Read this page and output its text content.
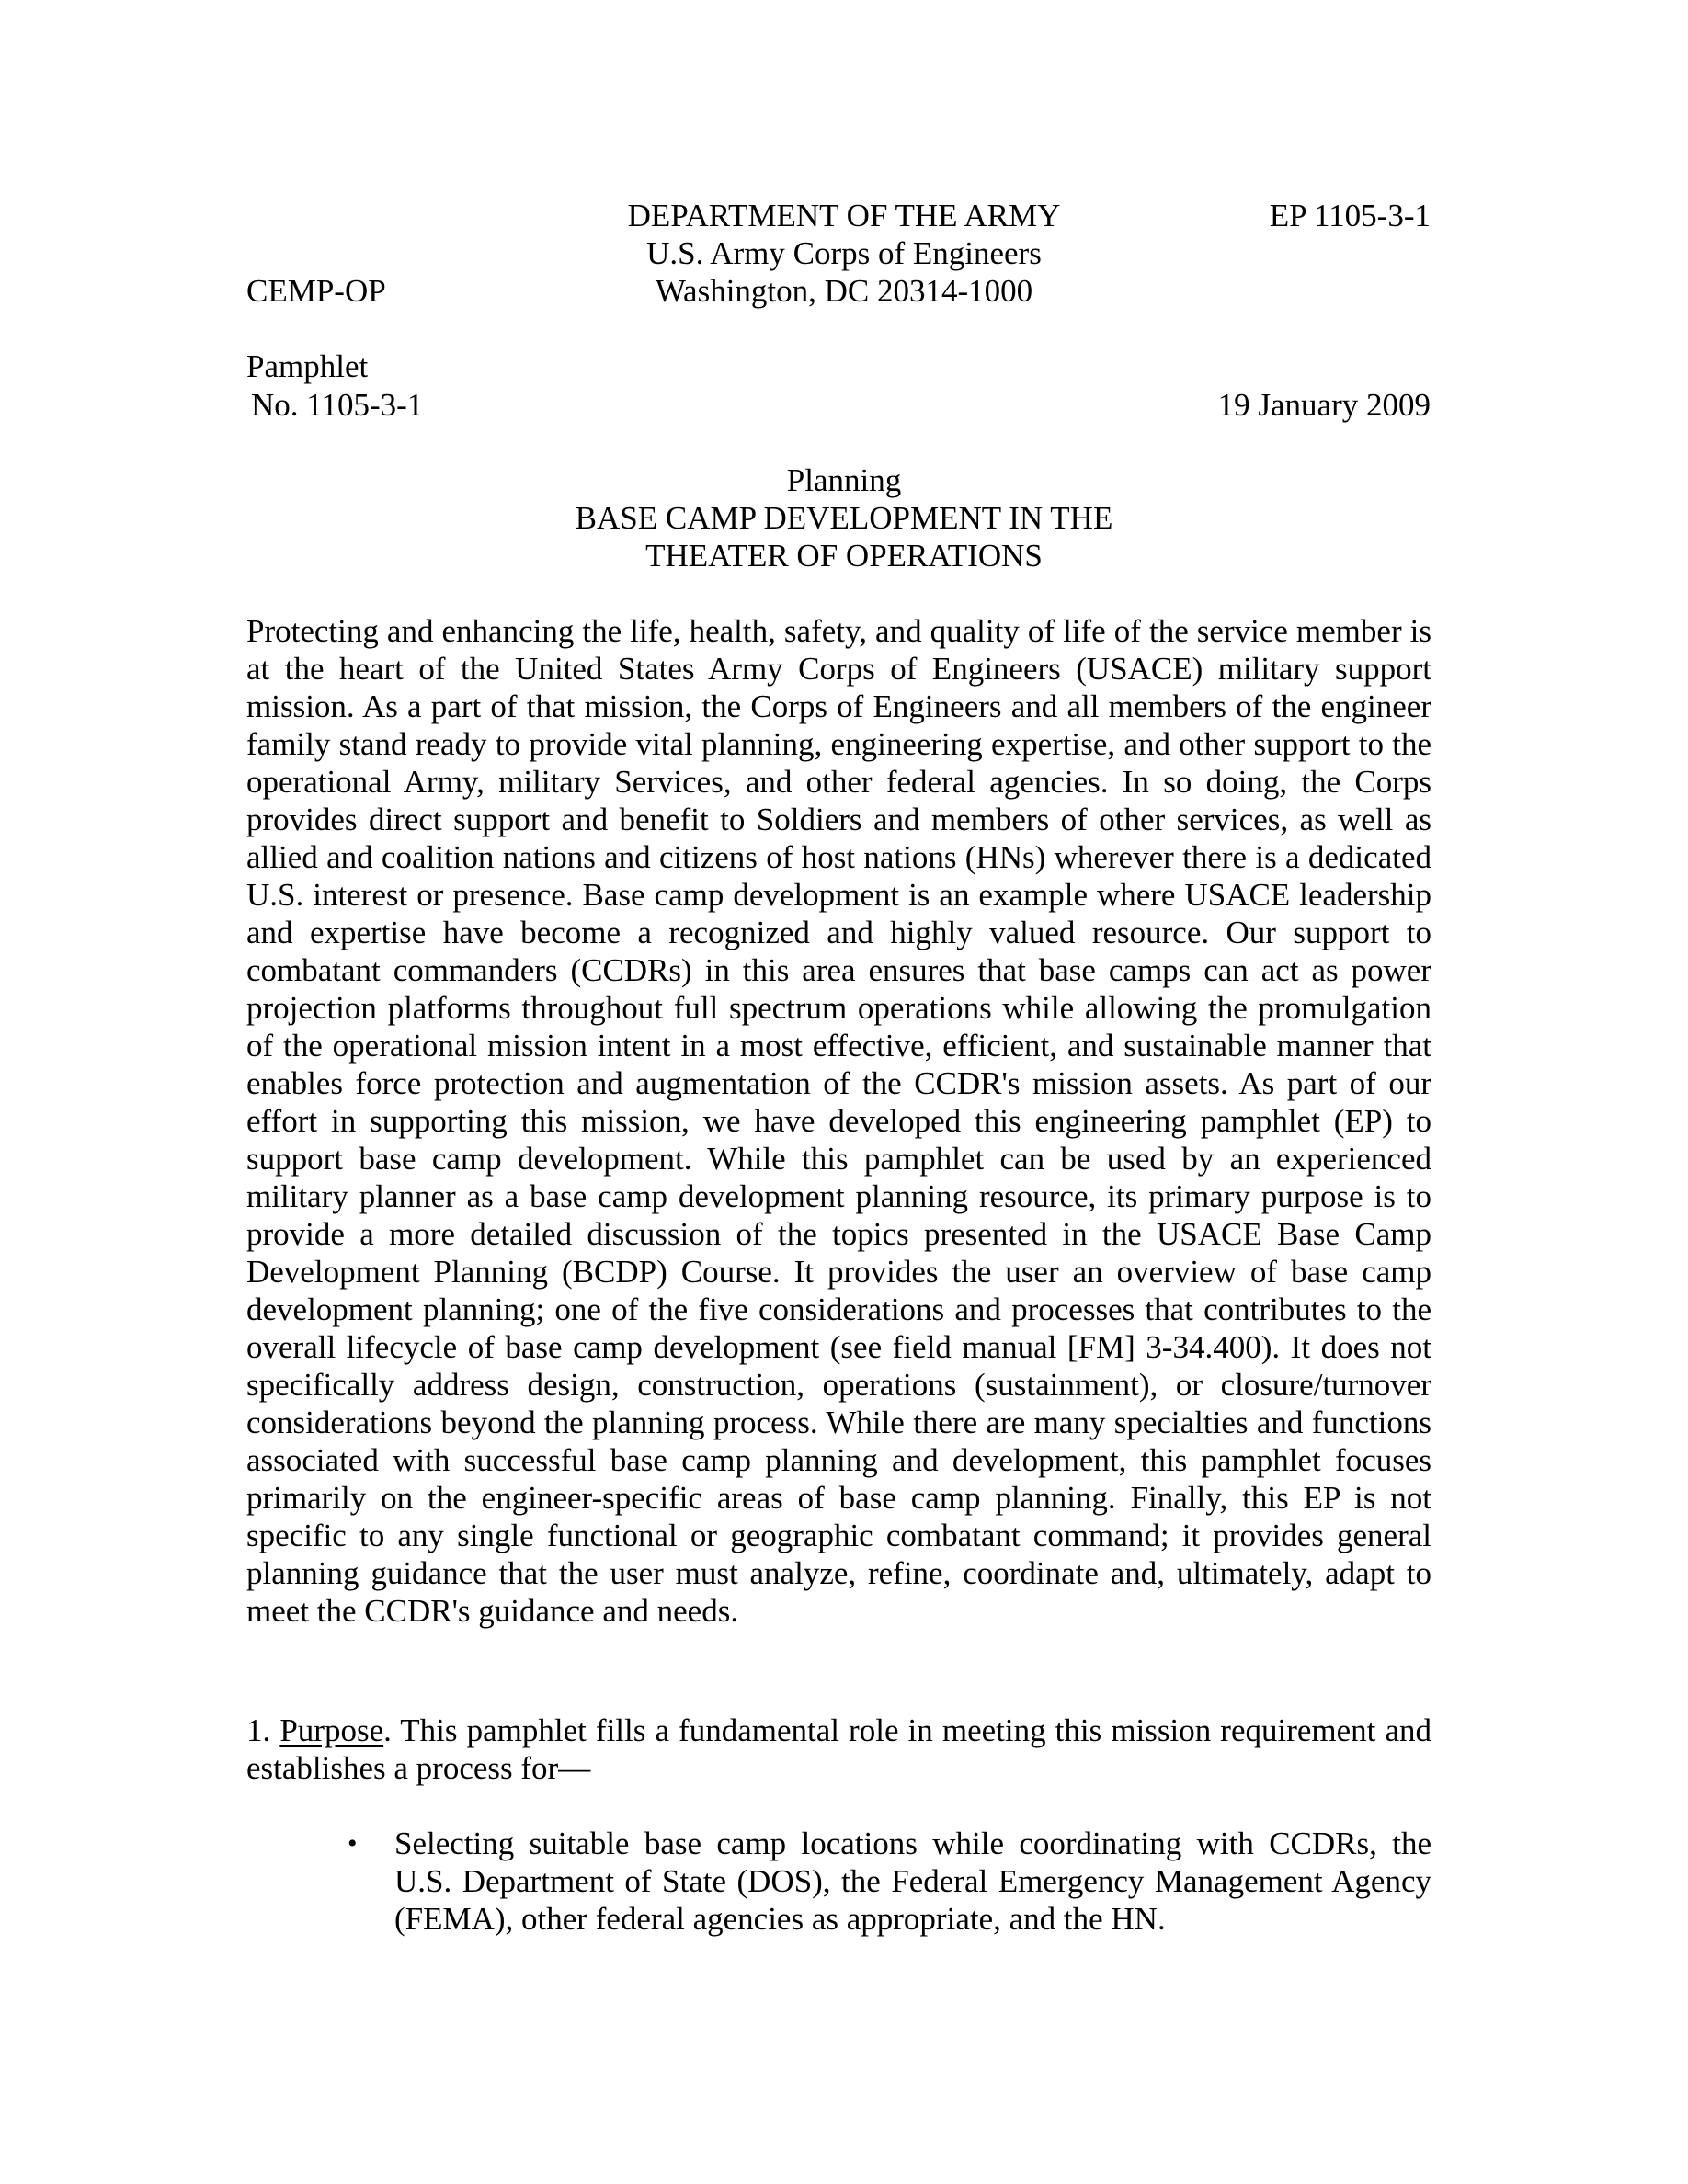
DEPARTMENT OF THE ARMY	EP 1105-3-1
U.S. Army Corps of Engineers
CEMP-OP	Washington, DC 20314-1000
Pamphlet
No. 1105-3-1	19 January 2009
Planning
BASE CAMP DEVELOPMENT IN THE
THEATER OF OPERATIONS

Protecting and enhancing the life, health, safety, and quality of life of the service member is at the heart of the United States Army Corps of Engineers (USACE) military support mission. As a part of that mission, the Corps of Engineers and all members of the engineer family stand ready to provide vital planning, engineering expertise, and other support to the operational Army, military Services, and other federal agencies. In so doing, the Corps provides direct support and benefit to Soldiers and members of other services, as well as allied and coalition nations and citizens of host nations (HNs) wherever there is a dedicated U.S. interest or presence. Base camp development is an example where USACE leadership and expertise have become a recognized and highly valued resource. Our support to combatant commanders (CCDRs) in this area ensures that base camps can act as power projection platforms throughout full spectrum operations while allowing the promulgation of the operational mission intent in a most effective, efficient, and sustainable manner that enables force protection and augmentation of the CCDR's mission assets. As part of our effort in supporting this mission, we have developed this engineering pamphlet (EP) to support base camp development. While this pamphlet can be used by an experienced military planner as a base camp development planning resource, its primary purpose is to provide a more detailed discussion of the topics presented in the USACE Base Camp Development Planning (BCDP) Course. It provides the user an overview of base camp development planning; one of the five considerations and processes that contributes to the overall lifecycle of base camp development (see field manual [FM] 3-34.400). It does not specifically address design, construction, operations (sustainment), or closure/turnover considerations beyond the planning process. While there are many specialties and functions associated with successful base camp planning and development, this pamphlet focuses primarily on the engineer-specific areas of base camp planning. Finally, this EP is not specific to any single functional or geographic combatant command; it provides general planning guidance that the user must analyze, refine, coordinate and, ultimately, adapt to meet the CCDR's guidance and needs.

1. Purpose. This pamphlet fills a fundamental role in meeting this mission requirement and establishes a process for—

• Selecting suitable base camp locations while coordinating with CCDRs, the U.S. Department of State (DOS), the Federal Emergency Management Agency (FEMA), other federal agencies as appropriate, and the HN.
